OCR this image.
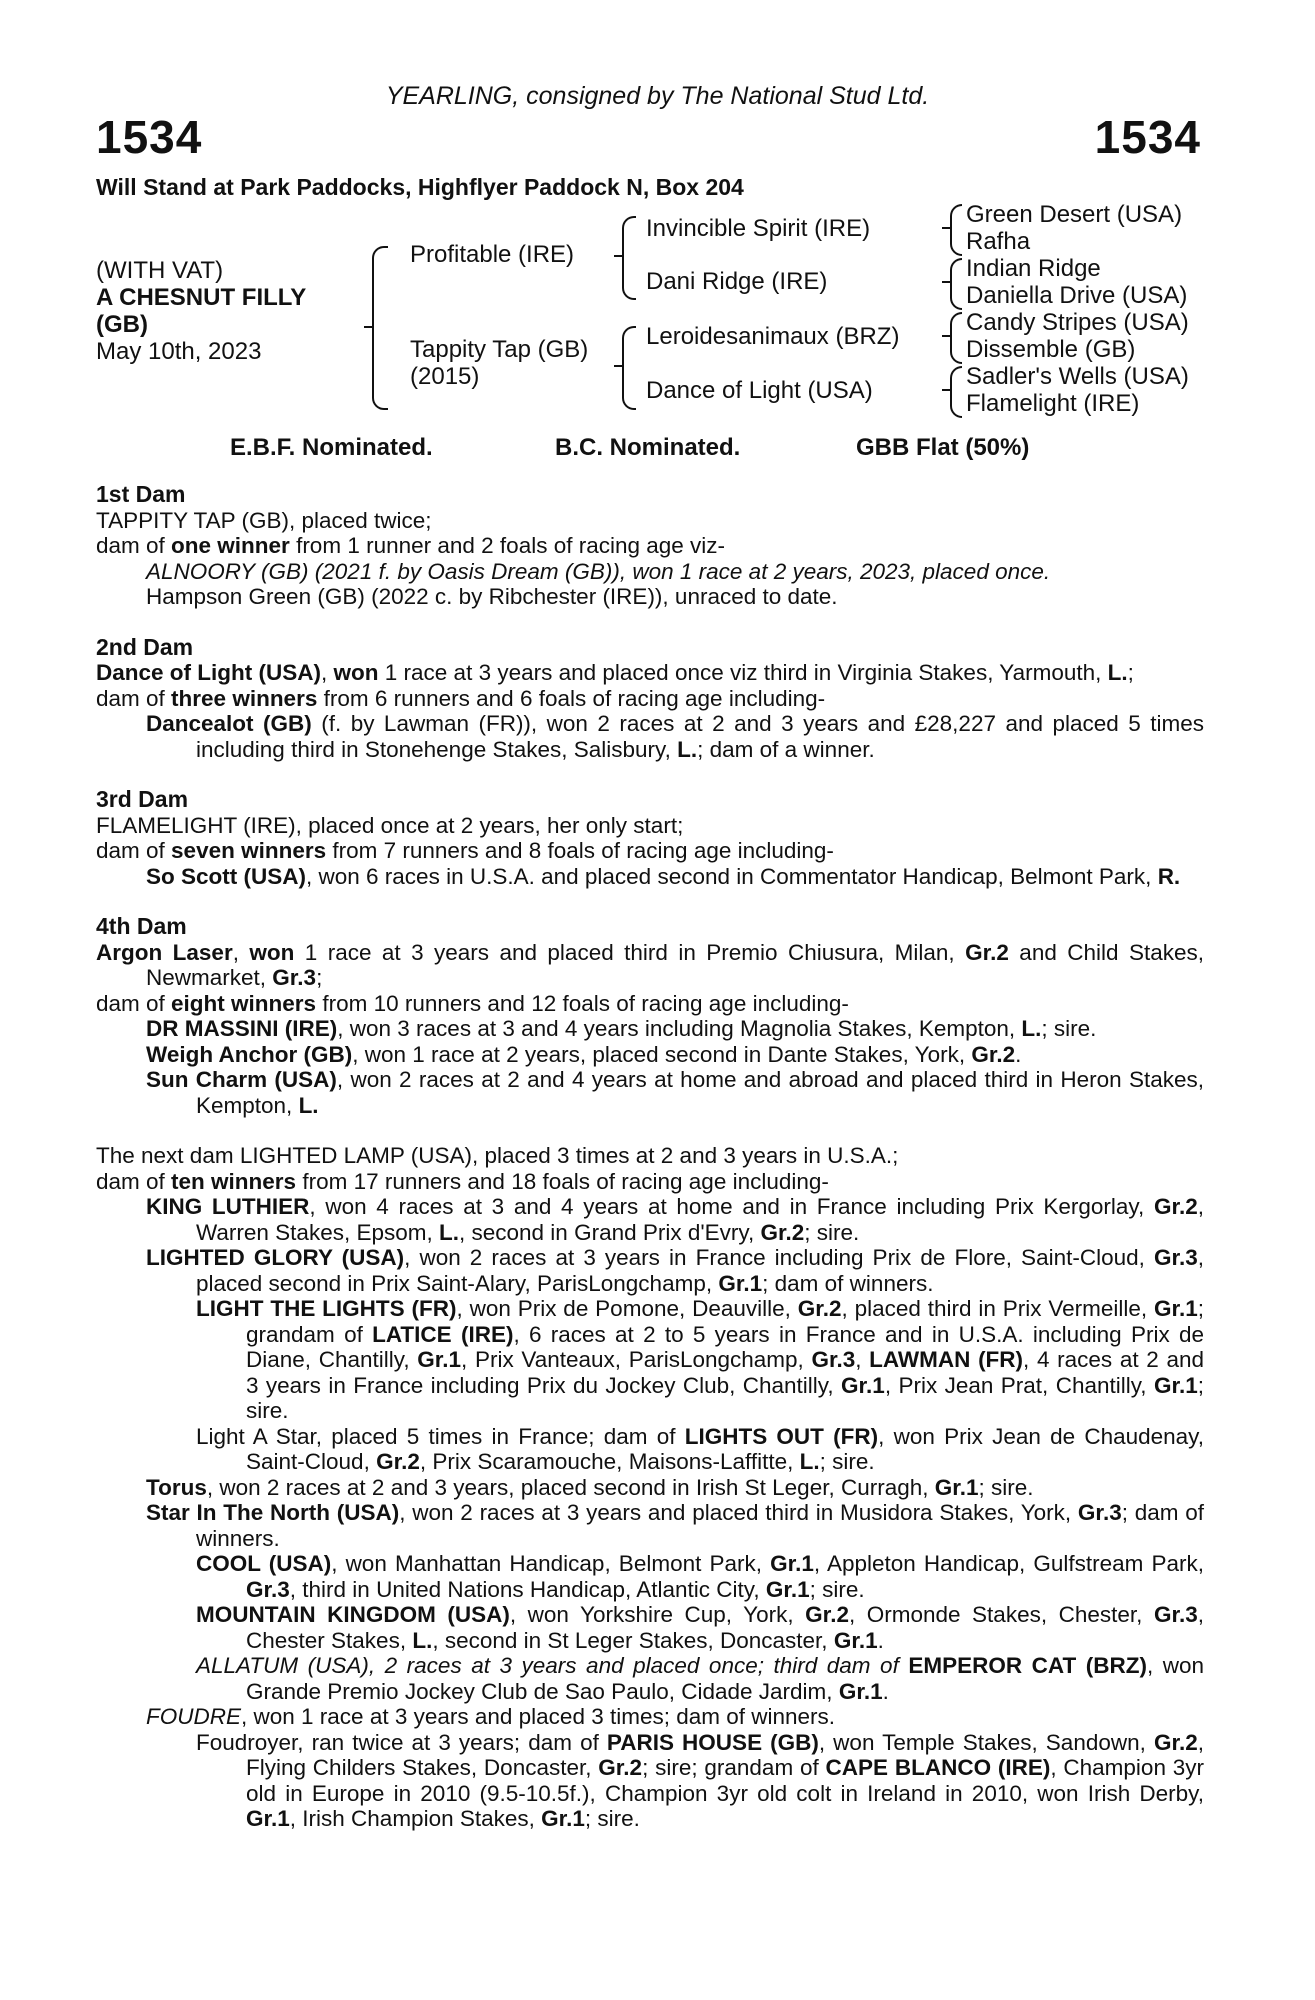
YEARLING, consigned by The National Stud Ltd.
1534	1534
Will Stand at Park Paddocks, Highflyer Paddock N, Box 204
(WITH VAT)
A CHESNUT FILLY
(GB)
May 10th, 2023
Profitable (IRE)
Tappity Tap (GB)
(2015)
Invincible Spirit (IRE)
Dani Ridge (IRE)
Leroidesanimaux (BRZ)
Dance of Light (USA)
Green Desert (USA)
Rafha
Indian Ridge
Daniella Drive (USA)
Candy Stripes (USA)
Dissemble (GB)
Sadler's Wells (USA)
Flamelight (IRE)
E.B.F. Nominated.	B.C. Nominated.	GBB Flat (50%)
1st Dam

TAPPITY TAP (GB), placed twice;

dam of one winner from 1 runner and 2 foals of racing age viz-

ALNOORY (GB) (2021 f. by Oasis Dream (GB)), won 1 race at 2 years, 2023, placed once.

Hampson Green (GB) (2022 c. by Ribchester (IRE)), unraced to date.

2nd Dam

Dance of Light (USA), won 1 race at 3 years and placed once viz third in Virginia Stakes, Yarmouth, L.;

dam of three winners from 6 runners and 6 foals of racing age including-

Dancealot (GB) (f. by Lawman (FR)), won 2 races at 2 and 3 years and £28,227 and placed 5 times including third in Stonehenge Stakes, Salisbury, L.; dam of a winner.

3rd Dam

FLAMELIGHT (IRE), placed once at 2 years, her only start;

dam of seven winners from 7 runners and 8 foals of racing age including-

So Scott (USA), won 6 races in U.S.A. and placed second in Commentator Handicap, Belmont Park, R.

4th Dam

Argon Laser, won 1 race at 3 years and placed third in Premio Chiusura, Milan, Gr.2 and Child Stakes, Newmarket, Gr.3;

dam of eight winners from 10 runners and 12 foals of racing age including-

DR MASSINI (IRE), won 3 races at 3 and 4 years including Magnolia Stakes, Kempton, L.; sire.

Weigh Anchor (GB), won 1 race at 2 years, placed second in Dante Stakes, York, Gr.2.

Sun Charm (USA), won 2 races at 2 and 4 years at home and abroad and placed third in Heron Stakes, Kempton, L.

The next dam LIGHTED LAMP (USA), placed 3 times at 2 and 3 years in U.S.A.;

dam of ten winners from 17 runners and 18 foals of racing age including-

KING LUTHIER, won 4 races at 3 and 4 years at home and in France including Prix Kergorlay, Gr.2, Warren Stakes, Epsom, L., second in Grand Prix d'Evry, Gr.2; sire.

LIGHTED GLORY (USA), won 2 races at 3 years in France including Prix de Flore, Saint-Cloud, Gr.3, placed second in Prix Saint-Alary, ParisLongchamp, Gr.1; dam of winners.

LIGHT THE LIGHTS (FR), won Prix de Pomone, Deauville, Gr.2, placed third in Prix Vermeille, Gr.1; grandam of LATICE (IRE), 6 races at 2 to 5 years in France and in U.S.A. including Prix de Diane, Chantilly, Gr.1, Prix Vanteaux, ParisLongchamp, Gr.3, LAWMAN (FR), 4 races at 2 and 3 years in France including Prix du Jockey Club, Chantilly, Gr.1, Prix Jean Prat, Chantilly, Gr.1; sire.

Light A Star, placed 5 times in France; dam of LIGHTS OUT (FR), won Prix Jean de Chaudenay, Saint-Cloud, Gr.2, Prix Scaramouche, Maisons-Laffitte, L.; sire.

Torus, won 2 races at 2 and 3 years, placed second in Irish St Leger, Curragh, Gr.1; sire.

Star In The North (USA), won 2 races at 3 years and placed third in Musidora Stakes, York, Gr.3; dam of winners.

COOL (USA), won Manhattan Handicap, Belmont Park, Gr.1, Appleton Handicap, Gulfstream Park, Gr.3, third in United Nations Handicap, Atlantic City, Gr.1; sire.

MOUNTAIN KINGDOM (USA), won Yorkshire Cup, York, Gr.2, Ormonde Stakes, Chester, Gr.3, Chester Stakes, L., second in St Leger Stakes, Doncaster, Gr.1.

ALLATUM (USA), 2 races at 3 years and placed once; third dam of EMPEROR CAT (BRZ), won Grande Premio Jockey Club de Sao Paulo, Cidade Jardim, Gr.1.

FOUDRE, won 1 race at 3 years and placed 3 times; dam of winners.

Foudroyer, ran twice at 3 years; dam of PARIS HOUSE (GB), won Temple Stakes, Sandown, Gr.2, Flying Childers Stakes, Doncaster, Gr.2; sire; grandam of CAPE BLANCO (IRE), Champion 3yr old in Europe in 2010 (9.5-10.5f.), Champion 3yr old colt in Ireland in 2010, won Irish Derby, Gr.1, Irish Champion Stakes, Gr.1; sire.
